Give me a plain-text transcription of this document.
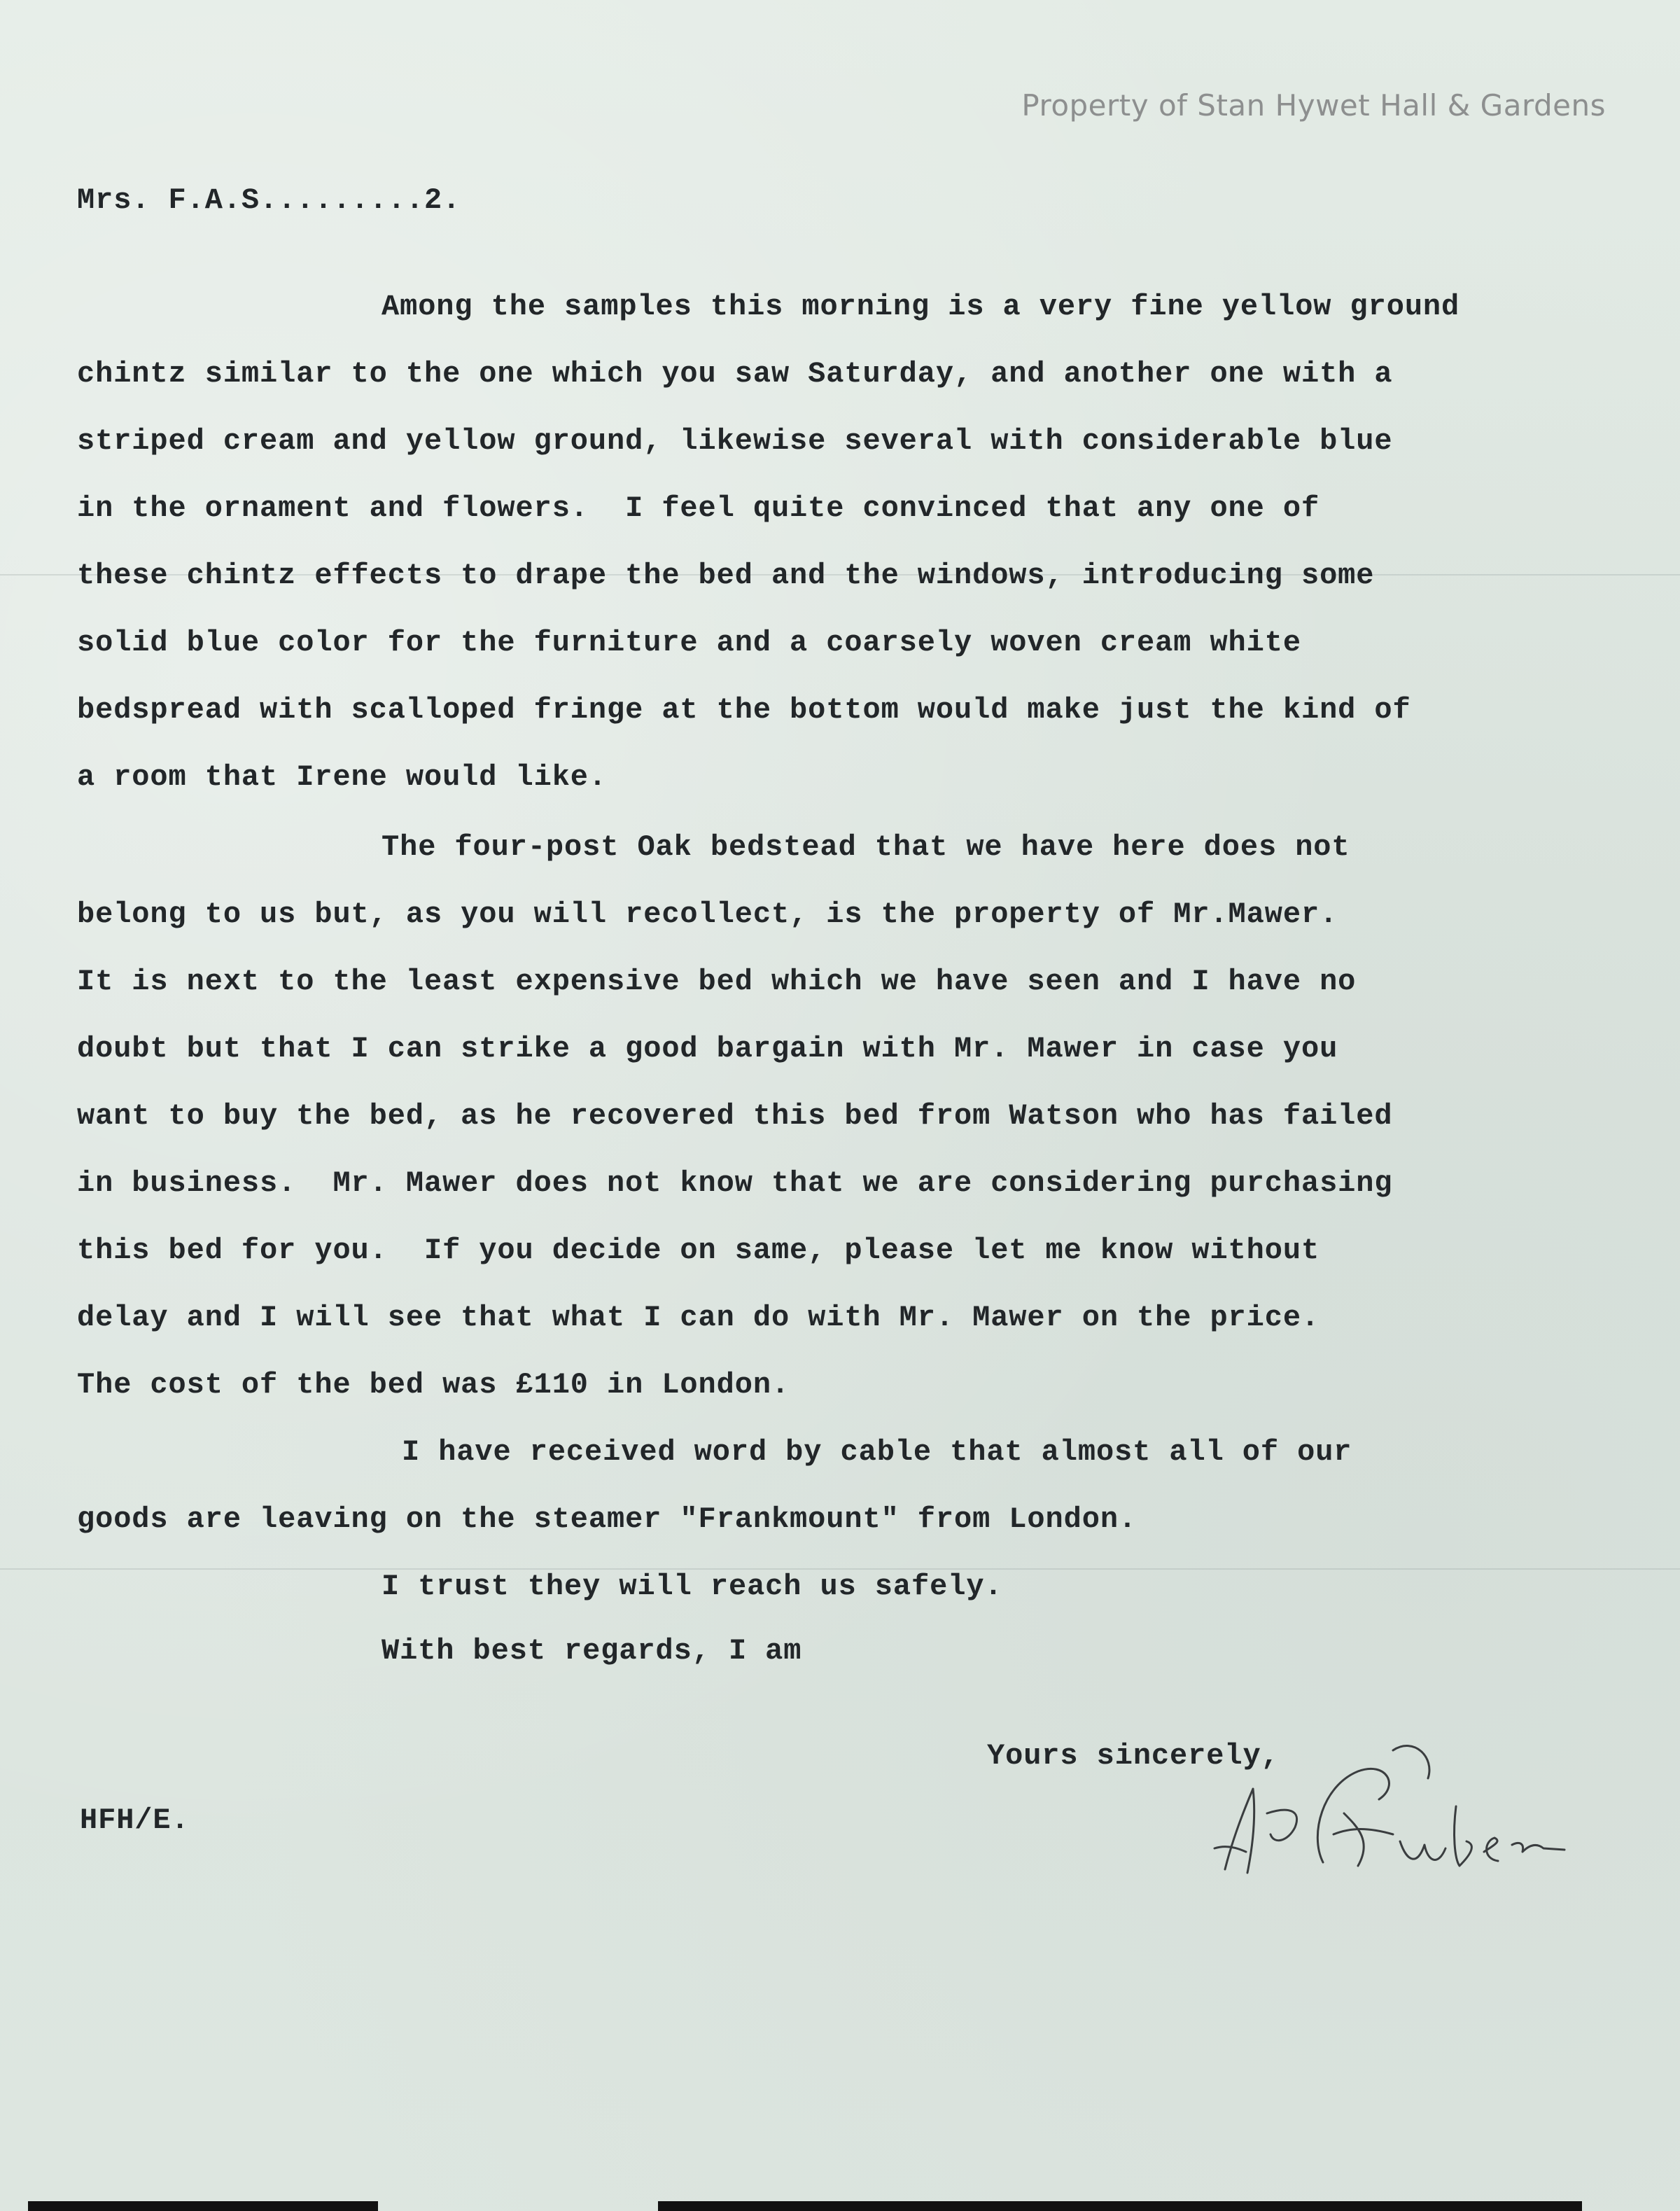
Property of Stan Hywet Hall & Gardens
Mrs. F.A.S.........2.
Among the samples this morning is a very fine yellow ground
chintz similar to the one which you saw Saturday, and another one with a
striped cream and yellow ground, likewise several with considerable blue
in the ornament and flowers.  I feel quite convinced that any one of
these chintz effects to drape the bed and the windows, introducing some
solid blue color for the furniture and a coarsely woven cream white
bedspread with scalloped fringe at the bottom would make just the kind of
a room that Irene would like.
The four-post Oak bedstead that we have here does not
belong to us but, as you will recollect, is the property of Mr.Mawer.
It is next to the least expensive bed which we have seen and I have no
doubt but that I can strike a good bargain with Mr. Mawer in case you
want to buy the bed, as he recovered this bed from Watson who has failed
in business.  Mr. Mawer does not know that we are considering purchasing
this bed for you.  If you decide on same, please let me know without
delay and I will see that what I can do with Mr. Mawer on the price.
The cost of the bed was £110 in London.
I have received word by cable that almost all of our
goods are leaving on the steamer "Frankmount" from London.
I trust they will reach us safely.
With best regards, I am
Yours sincerely,
HFH/E.
